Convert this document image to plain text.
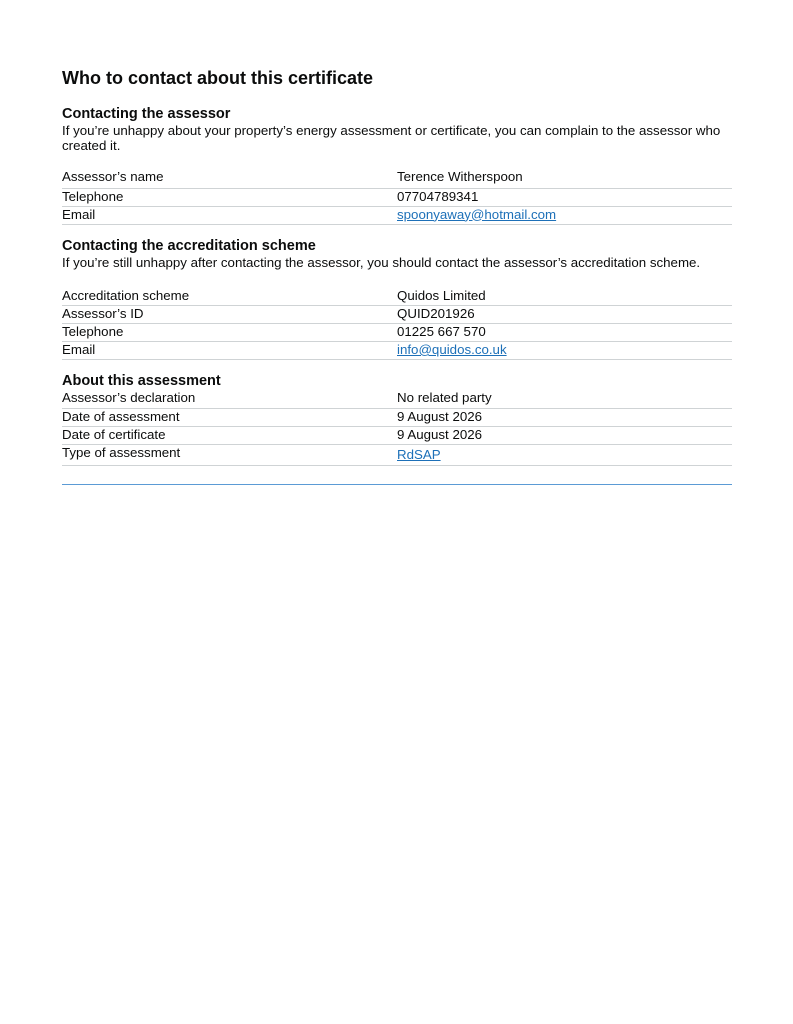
Who to contact about this certificate
Contacting the assessor

If you’re unhappy about your property’s energy assessment or certificate, you can complain to the assessor who created it.

Assessor’s name	Terence Witherspoon
Telephone	07704789341
Email	spoonyaway@hotmail.com
Contacting the accreditation scheme

If you’re still unhappy after contacting the assessor, you should contact the assessor’s accreditation scheme.

Accreditation scheme	Quidos Limited
Assessor’s ID	QUID201926
Telephone	01225 667 570
Email	info@quidos.co.uk
About this assessment
Assessor’s declaration	No related party
Date of assessment	9 August 2026
Date of certificate	9 August 2026
Type of assessment	RdSAP
